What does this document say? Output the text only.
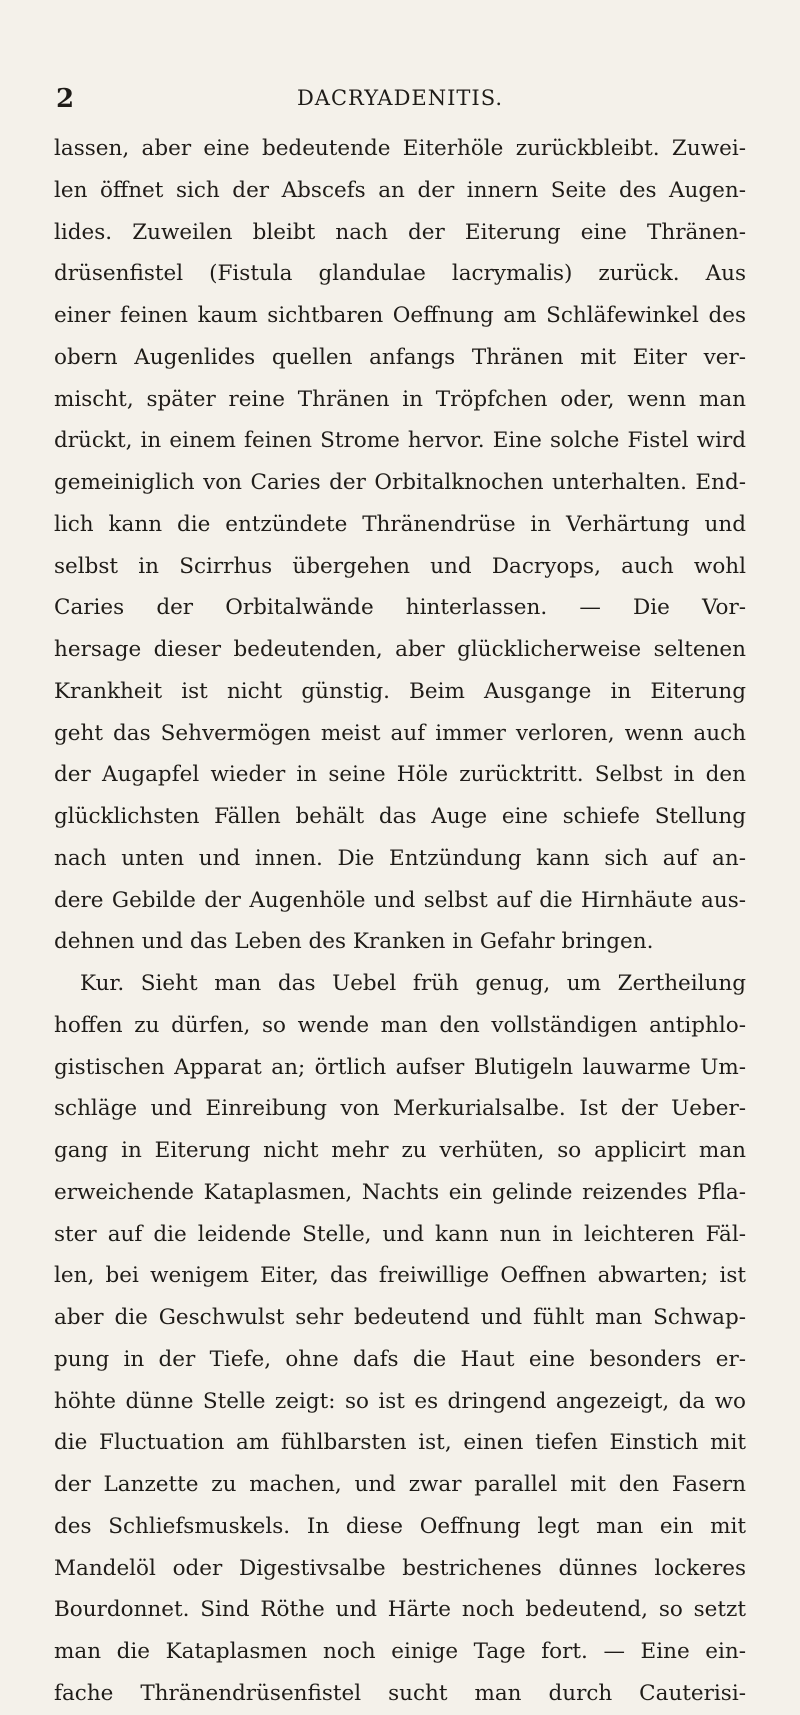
2	DACRYADENITIS.
lassen, aber eine bedeutende Eiterhöle zurückbleibt. Zuwei-
len öffnet sich der Abscefs an der innern Seite des Augen-
lides. Zuweilen bleibt nach der Eiterung eine Thränen-
drüsenfistel (Fistula glandulae lacrymalis) zurück. Aus
einer feinen kaum sichtbaren Oeffnung am Schläfewinkel des
obern Augenlides quellen anfangs Thränen mit Eiter ver-
mischt, später reine Thränen in Tröpfchen oder, wenn man
drückt, in einem feinen Strome hervor. Eine solche Fistel wird
gemeiniglich von Caries der Orbitalknochen unterhalten. End-
lich kann die entzündete Thränendrüse in Verhärtung und
selbst in Scirrhus übergehen und Dacryops, auch wohl
Caries der Orbitalwände hinterlassen. — Die Vor-
hersage dieser bedeutenden, aber glücklicherweise seltenen
Krankheit ist nicht günstig. Beim Ausgange in Eiterung
geht das Sehvermögen meist auf immer verloren, wenn auch
der Augapfel wieder in seine Höle zurücktritt. Selbst in den
glücklichsten Fällen behält das Auge eine schiefe Stellung
nach unten und innen. Die Entzündung kann sich auf an-
dere Gebilde der Augenhöle und selbst auf die Hirnhäute aus-
dehnen und das Leben des Kranken in Gefahr bringen.
Kur. Sieht man das Uebel früh genug, um Zertheilung
hoffen zu dürfen, so wende man den vollständigen antiphlo-
gistischen Apparat an; örtlich aufser Blutigeln lauwarme Um-
schläge und Einreibung von Merkurialsalbe. Ist der Ueber-
gang in Eiterung nicht mehr zu verhüten, so applicirt man
erweichende Kataplasmen, Nachts ein gelinde reizendes Pfla-
ster auf die leidende Stelle, und kann nun in leichteren Fäl-
len, bei wenigem Eiter, das freiwillige Oeffnen abwarten; ist
aber die Geschwulst sehr bedeutend und fühlt man Schwap-
pung in der Tiefe, ohne dafs die Haut eine besonders er-
höhte dünne Stelle zeigt: so ist es dringend angezeigt, da wo
die Fluctuation am fühlbarsten ist, einen tiefen Einstich mit
der Lanzette zu machen, und zwar parallel mit den Fasern
des Schliefsmuskels. In diese Oeffnung legt man ein mit
Mandelöl oder Digestivsalbe bestrichenes dünnes lockeres
Bourdonnet. Sind Röthe und Härte noch bedeutend, so setzt
man die Kataplasmen noch einige Tage fort. — Eine ein-
fache Thränendrüsenfistel sucht man durch Cauterisi-
